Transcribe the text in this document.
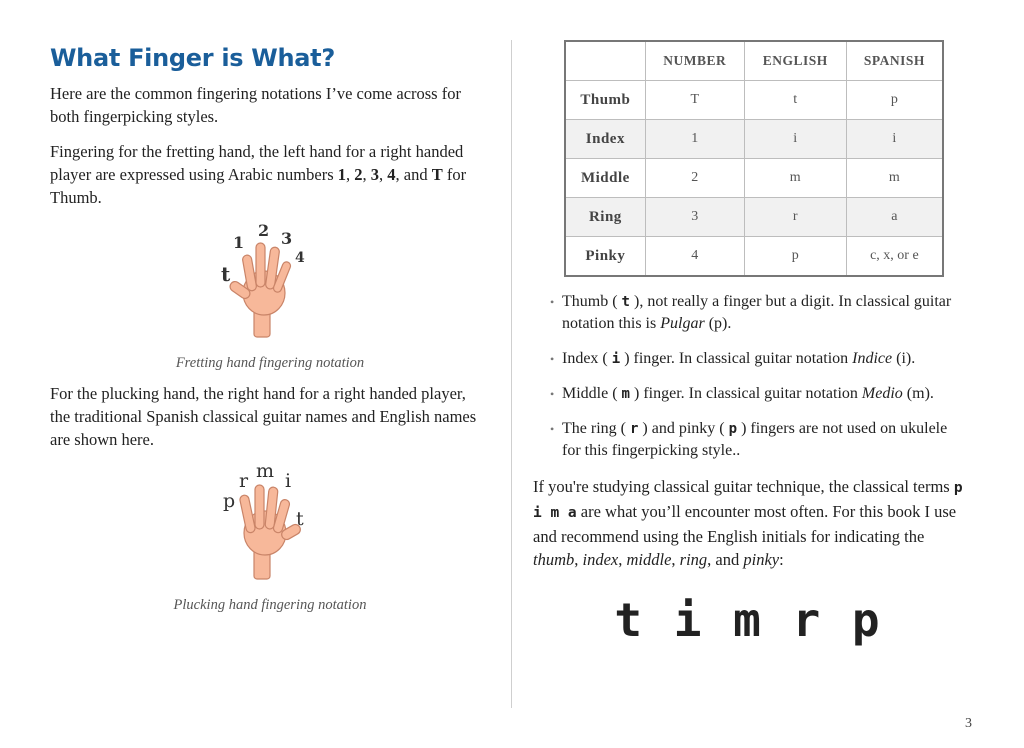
What Finger is What?

Here are the common fingering notations I’ve come across for both fingerpicking styles.

Fingering for the fretting hand, the left hand for a right handed player are expressed using Arabic numbers 1, 2, 3, 4, and T for Thumb.

t
1
2 3
4
Fretting hand fingering notation

For the plucking hand, the right hand for a right handed player, the traditional Spanish classical guitar names and English names are shown here.

p
r m i
t
Plucking hand fingering notation
	NUMBER	ENGLISH	SPANISH
Thumb	T	t	p
Index	1	i	i
Middle	2	m	m
Ring	3	r	a
Pinky	4	p	c, x, or e
• Thumb ( t ), not really a finger but a digit. In classical guitar notation this is Pulgar (p).
• Index ( i ) finger. In classical guitar notation Indice (i).
• Middle ( m ) finger. In classical guitar notation Medio (m).
• The ring ( r ) and pinky ( p ) fingers are not used on ukulele for this fingerpicking style..

If you're studying classical guitar technique, the classical terms p i m a are what you’ll encounter most often. For this book I use and recommend using the English initials for indicating the thumb, index, middle, ring, and pinky:

t i m r p
3
